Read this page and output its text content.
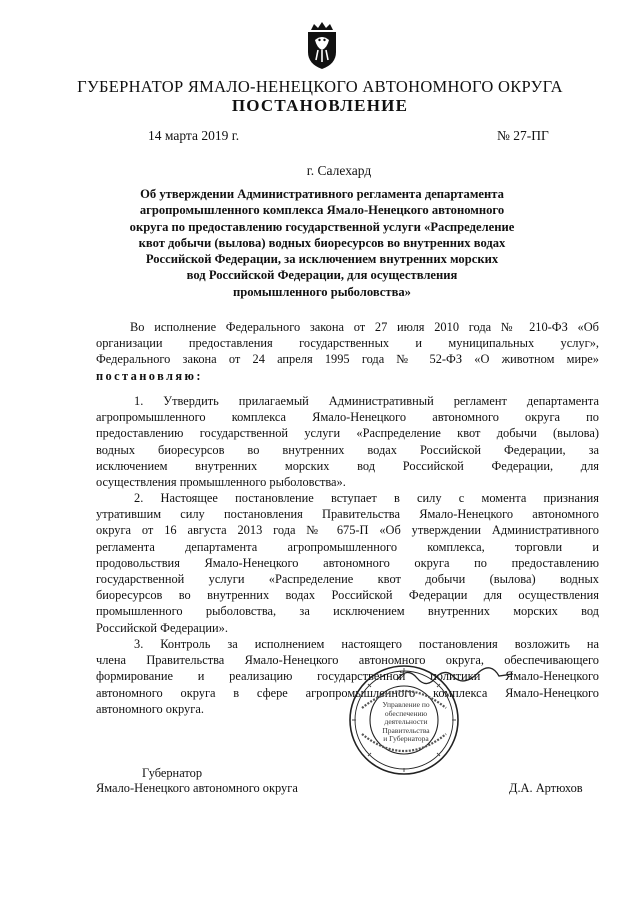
ГУБЕРНАТОР ЯМАЛО-НЕНЕЦКОГО АВТОНОМНОГО ОКРУГА
ПОСТАНОВЛЕНИЕ
14 марта 2019 г.	№ 27-ПГ
г. Салехард
Об утверждении Административного регламента департамента
агропромышленного комплекса Ямало-Ненецкого автономного
округа по предоставлению государственной услуги «Распределение
квот добычи (вылова) водных биоресурсов во внутренних водах
Российской Федерации, за исключением внутренних морских
вод Российской Федерации, для осуществления
промышленного рыболовства»
Во исполнение Федерального закона от 27 июля 2010 года № 210-ФЗ «Об
организации предоставления государственных и муниципальных услуг»,
Федерального закона от 24 апреля 1995 года № 52-ФЗ «О животном мире»
постановляю:
1. Утвердить прилагаемый Административный регламент департамента
агропромышленного комплекса Ямало-Ненецкого автономного округа по
предоставлению государственной услуги «Распределение квот добычи (вылова)
водных биоресурсов во внутренних водах Российской Федерации, за
исключением внутренних морских вод Российской Федерации, для
осуществления промышленного рыболовства».
2. Настоящее постановление вступает в силу с момента признания
утратившим силу постановления Правительства Ямало-Ненецкого автономного
округа от 16 августа 2013 года № 675-П «Об утверждении Административного
регламента департамента агропромышленного комплекса, торговли и
продовольствия Ямало-Ненецкого автономного округа по предоставлению
государственной услуги «Распределение квот добычи (вылова) водных
биоресурсов во внутренних водах Российской Федерации для осуществления
промышленного рыболовства, за исключением внутренних морских вод
Российской Федерации».
3. Контроль за исполнением настоящего постановления возложить на
члена Правительства Ямало-Ненецкого автономного округа, обеспечивающего
формирование и реализацию государственной политики Ямало-Ненецкого
автономного округа в сфере агропромышленного комплекса Ямало-Ненецкого
автономного округа.	Управление по
обеспечению
деятельности
Правительства
и Губернатора
Губернатор
Ямало-Ненецкого автономного округа	Д.А. Артюхов
